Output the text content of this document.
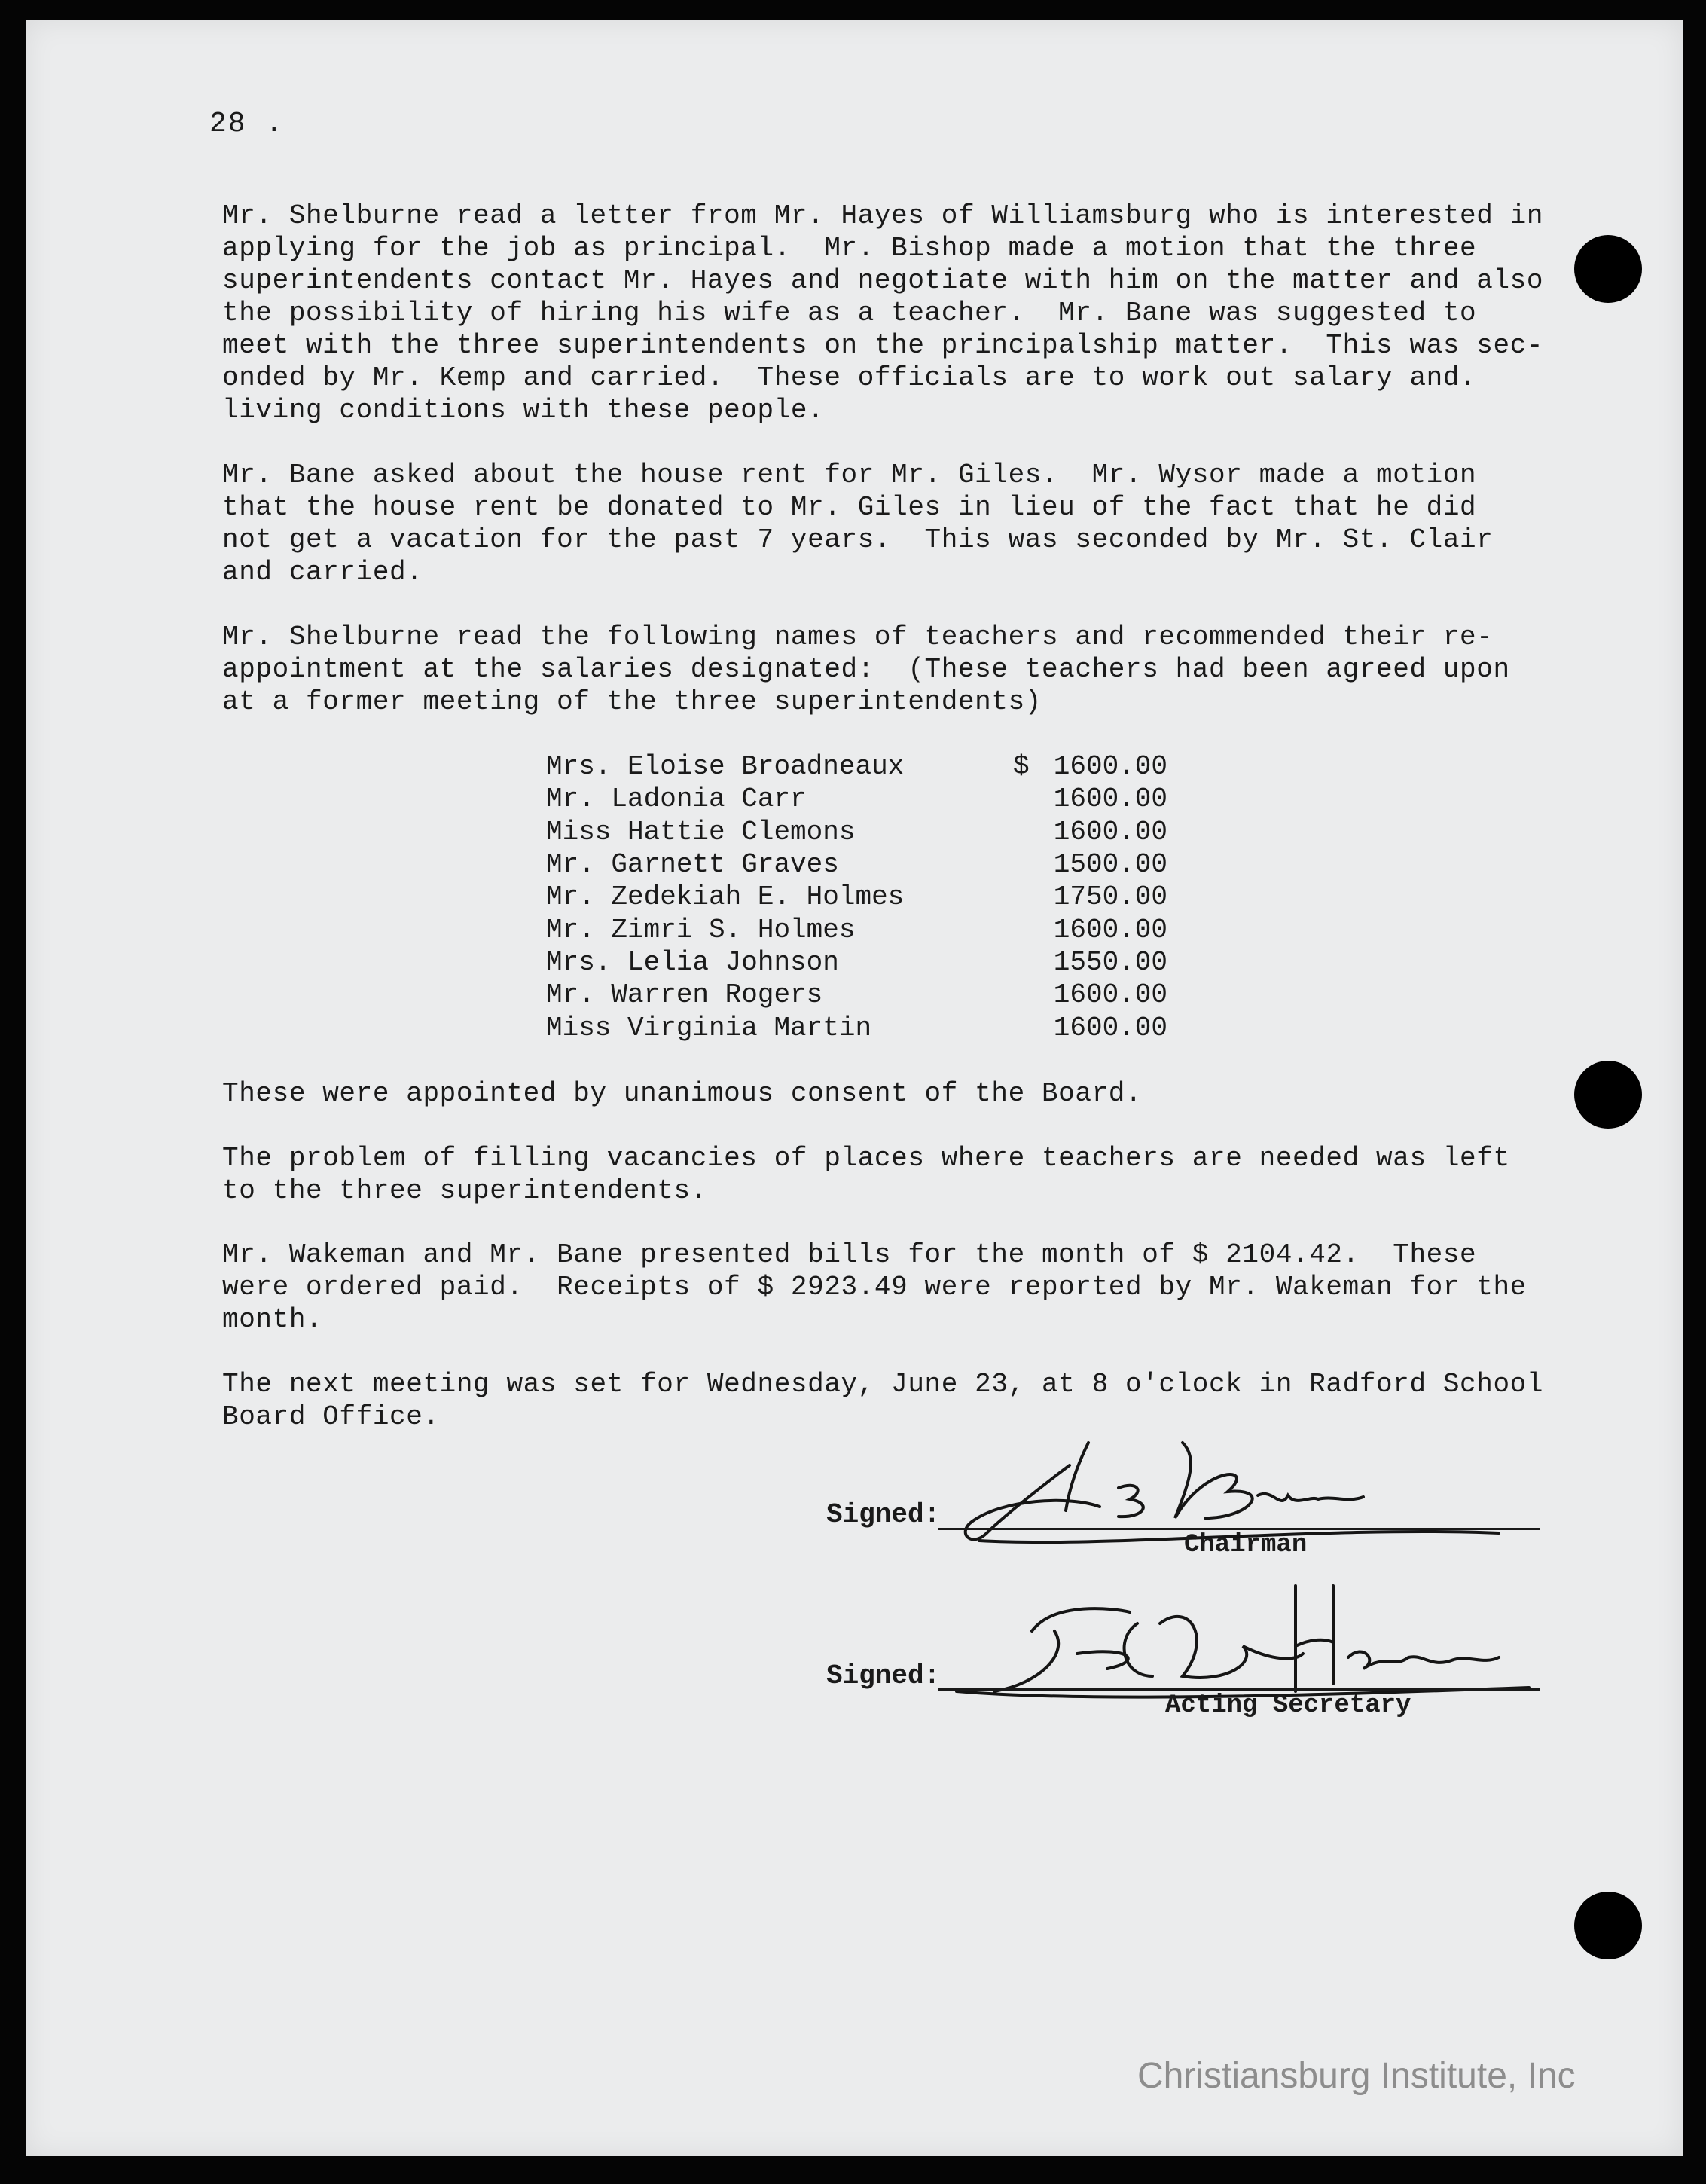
28 .

Mr. Shelburne read a letter from Mr. Hayes of Williamsburg who is interested in
applying for the job as principal.  Mr. Bishop made a motion that the three
superintendents contact Mr. Hayes and negotiate with him on the matter and also
the possibility of hiring his wife as a teacher.  Mr. Bane was suggested to
meet with the three superintendents on the principalship matter.  This was sec-
onded by Mr. Kemp and carried.  These officials are to work out salary and.
living conditions with these people.

Mr. Bane asked about the house rent for Mr. Giles.  Mr. Wysor made a motion
that the house rent be donated to Mr. Giles in lieu of the fact that he did
not get a vacation for the past 7 years.  This was seconded by Mr. St. Clair
and carried.

Mr. Shelburne read the following names of teachers and recommended their re-
appointment at the salaries designated:  (These teachers had been agreed upon
at a former meeting of the three superintendents)

Mrs. Eloise Broadneaux	$	1600.00
Mr. Ladonia Carr		1600.00
Miss Hattie Clemons		1600.00
Mr. Garnett Graves		1500.00
Mr. Zedekiah E. Holmes		1750.00
Mr. Zimri S. Holmes		1600.00
Mrs. Lelia Johnson		1550.00
Mr. Warren Rogers		1600.00
Miss Virginia Martin		1600.00

These were appointed by unanimous consent of the Board.

The problem of filling vacancies of places where teachers are needed was left
to the three superintendents.

Mr. Wakeman and Mr. Bane presented bills for the month of $ 2104.42.  These
were ordered paid.  Receipts of $ 2923.49 were reported by Mr. Wakeman for the
month.

The next meeting was set for Wednesday, June 23, at 8 o'clock in Radford School
Board Office.

Signed:
Chairman
Signed:
Acting Secretary
Christiansburg Institute, Inc
